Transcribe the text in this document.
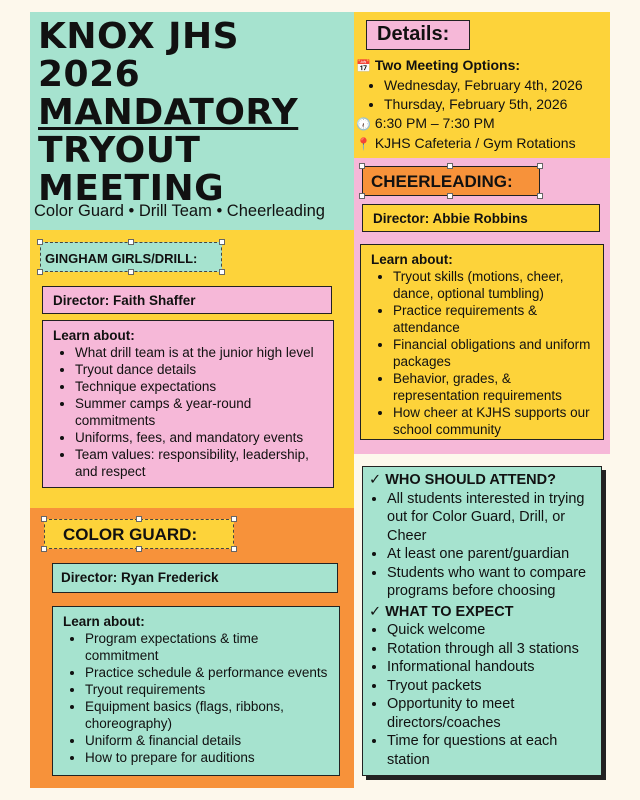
KNOX JHS
2026
MANDATORY
TRYOUT
MEETING
Color Guard • Drill Team • Cheerleading
Details:
📅 Two Meeting Options:
• Wednesday, February 4th, 2026
• Thursday, February 5th, 2026
🕡 6:30 PM – 7:30 PM
📍 KJHS Cafeteria / Gym Rotations
CHEERLEADING:
Director: Abbie Robbins
Learn about:
• Tryout skills (motions, cheer, dance, optional tumbling)
• Practice requirements & attendance
• Financial obligations and uniform packages
• Behavior, grades, & representation requirements
• How cheer at KJHS supports our school community
GINGHAM GIRLS/DRILL:
Director: Faith Shaffer
Learn about:
• What drill team is at the junior high level
• Tryout dance details
• Technique expectations
• Summer camps & year-round commitments
• Uniforms, fees, and mandatory events
• Team values: responsibility, leadership, and respect
COLOR GUARD:
Director: Ryan Frederick
Learn about:
• Program expectations & time commitment
• Practice schedule & performance events
• Tryout requirements
• Equipment basics (flags, ribbons, choreography)
• Uniform & financial details
• How to prepare for auditions
✓ WHO SHOULD ATTEND?
• All students interested in trying out for Color Guard, Drill, or Cheer
• At least one parent/guardian
• Students who want to compare programs before choosing
✓ WHAT TO EXPECT
• Quick welcome
• Rotation through all 3 stations
• Informational handouts
• Tryout packets
• Opportunity to meet directors/coaches
• Time for questions at each station
